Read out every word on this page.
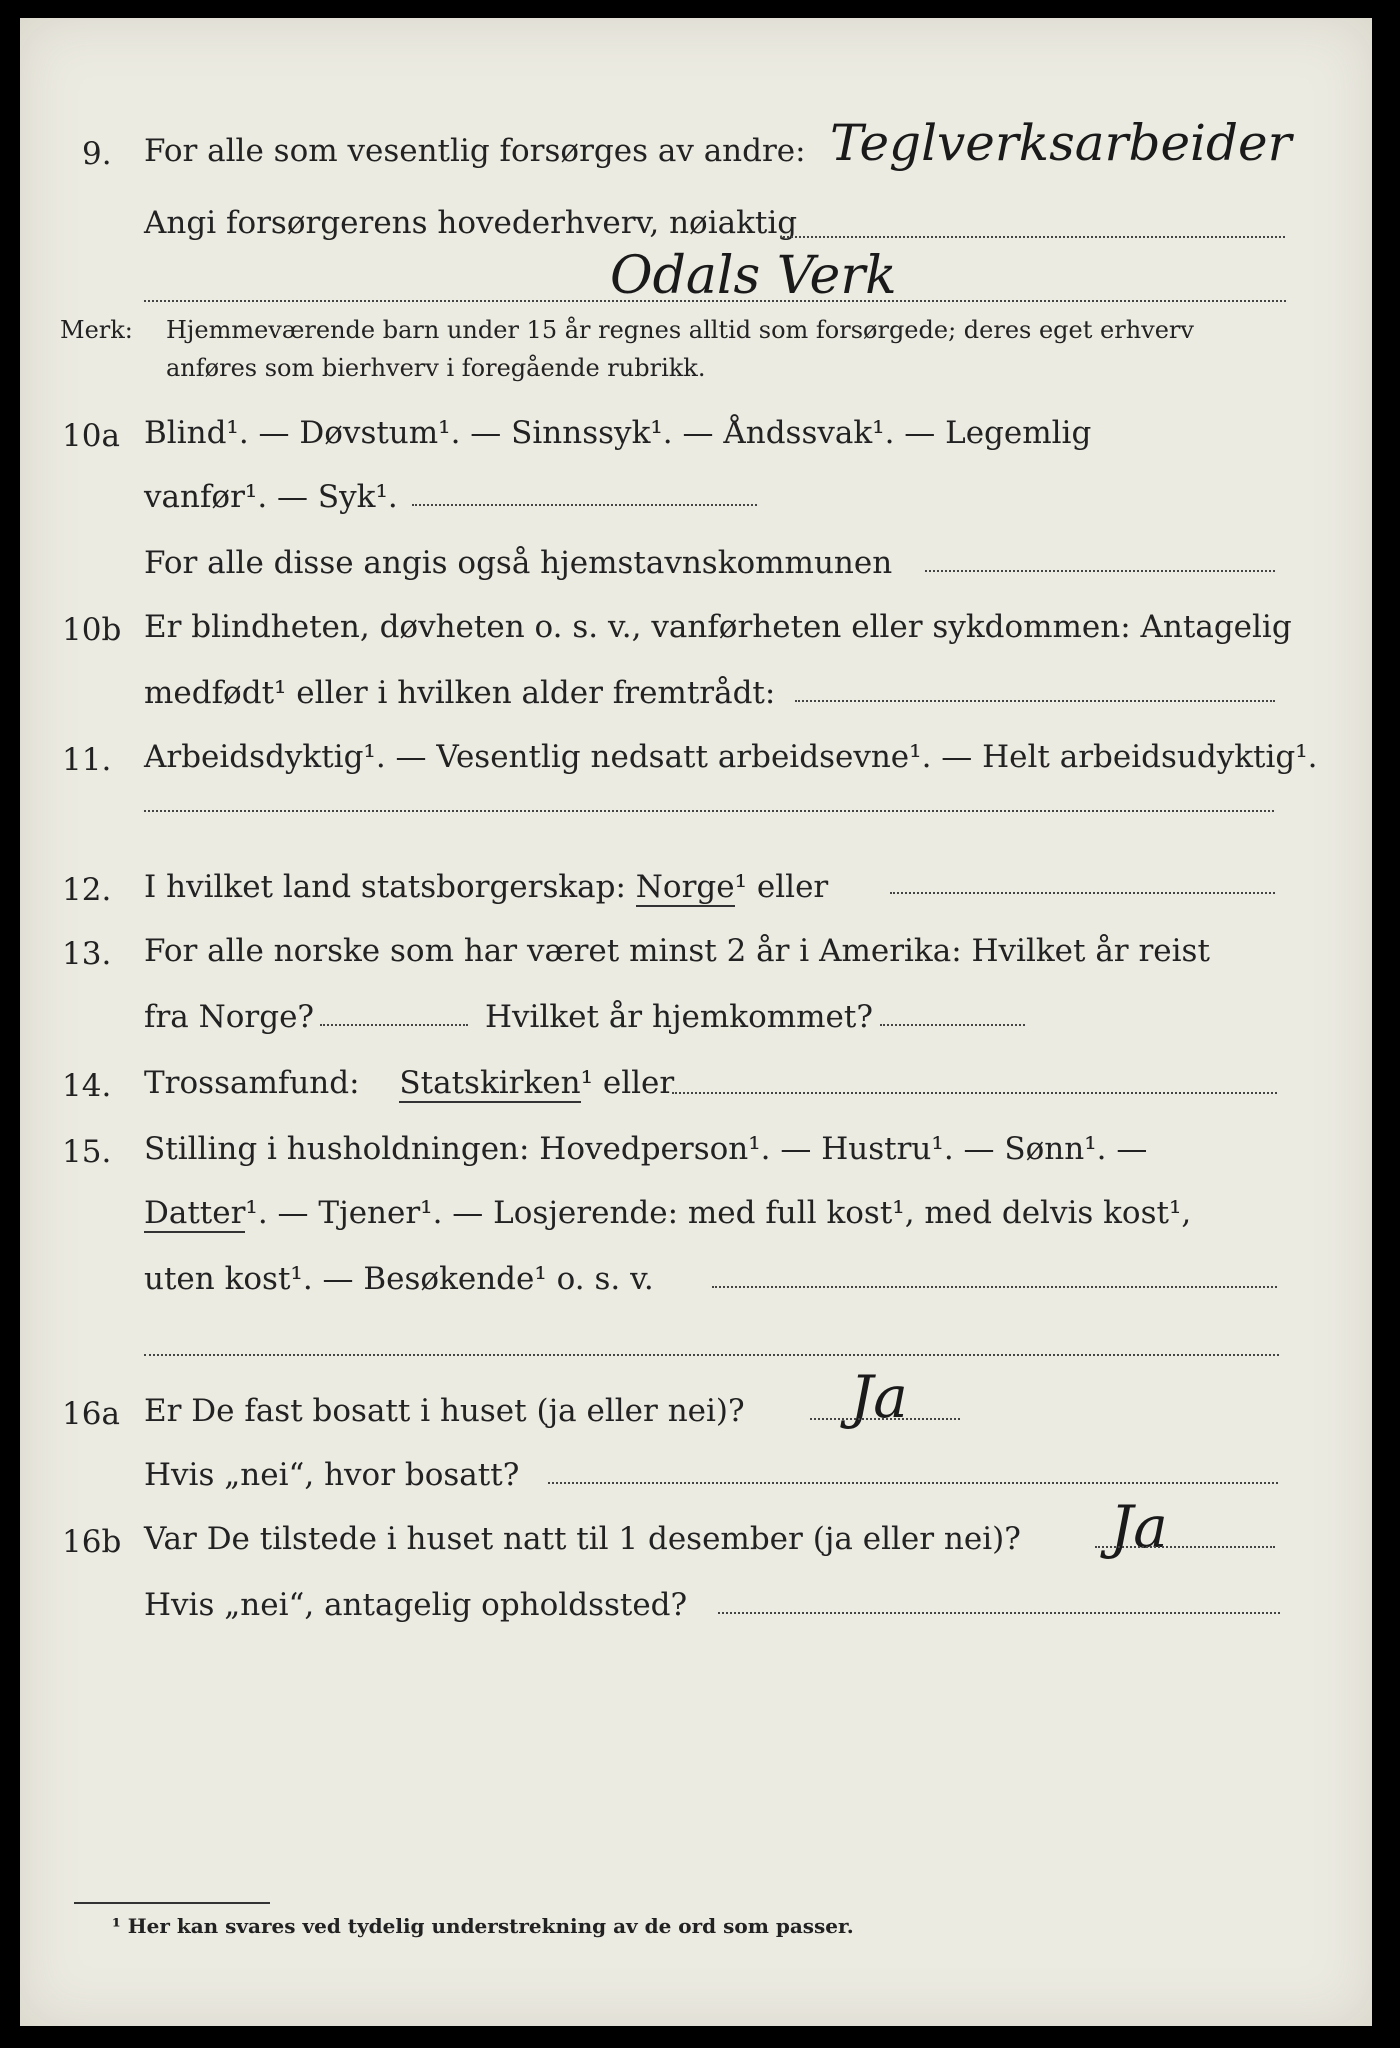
9. For alle som vesentlig forsørges av andre: Teglverksarbeider
Angi forsørgerens hovederhverv, nøiaktig
Odals Verk
Merk: Hjemmeværende barn under 15 år regnes alltid som forsørgede; deres eget erhverv
anføres som bierhverv i foregående rubrikk.
10a Blind¹. — Døvstum¹. — Sinnssyk¹. — Åndssvak¹. — Legemlig
vanfør¹. — Syk¹.
For alle disse angis også hjemstavnskommunen
10b Er blindheten, døvheten o. s. v., vanførheten eller sykdommen: Antagelig
medfødt¹ eller i hvilken alder fremtrådt:
11. Arbeidsdyktig¹. — Vesentlig nedsatt arbeidsevne¹. — Helt arbeidsudyktig¹.
12. I hvilket land statsborgerskap: Norge¹ eller
13. For alle norske som har været minst 2 år i Amerika: Hvilket år reist
fra Norge?	Hvilket år hjemkommet?
14. Trossamfund: Statskirken¹ eller
15. Stilling i husholdningen: Hovedperson¹. — Hustru¹. — Sønn¹. —
Datter¹. — Tjener¹. — Losjerende: med full kost¹, med delvis kost¹,
uten kost¹. — Besøkende¹ o. s. v.
16a Er De fast bosatt i huset (ja eller nei)? Ja
Hvis „nei“, hvor bosatt?
16b Var De tilstede i huset natt til 1 desember (ja eller nei)? Ja
Hvis „nei“, antagelig opholdssted?
¹ Her kan svares ved tydelig understrekning av de ord som passer.
